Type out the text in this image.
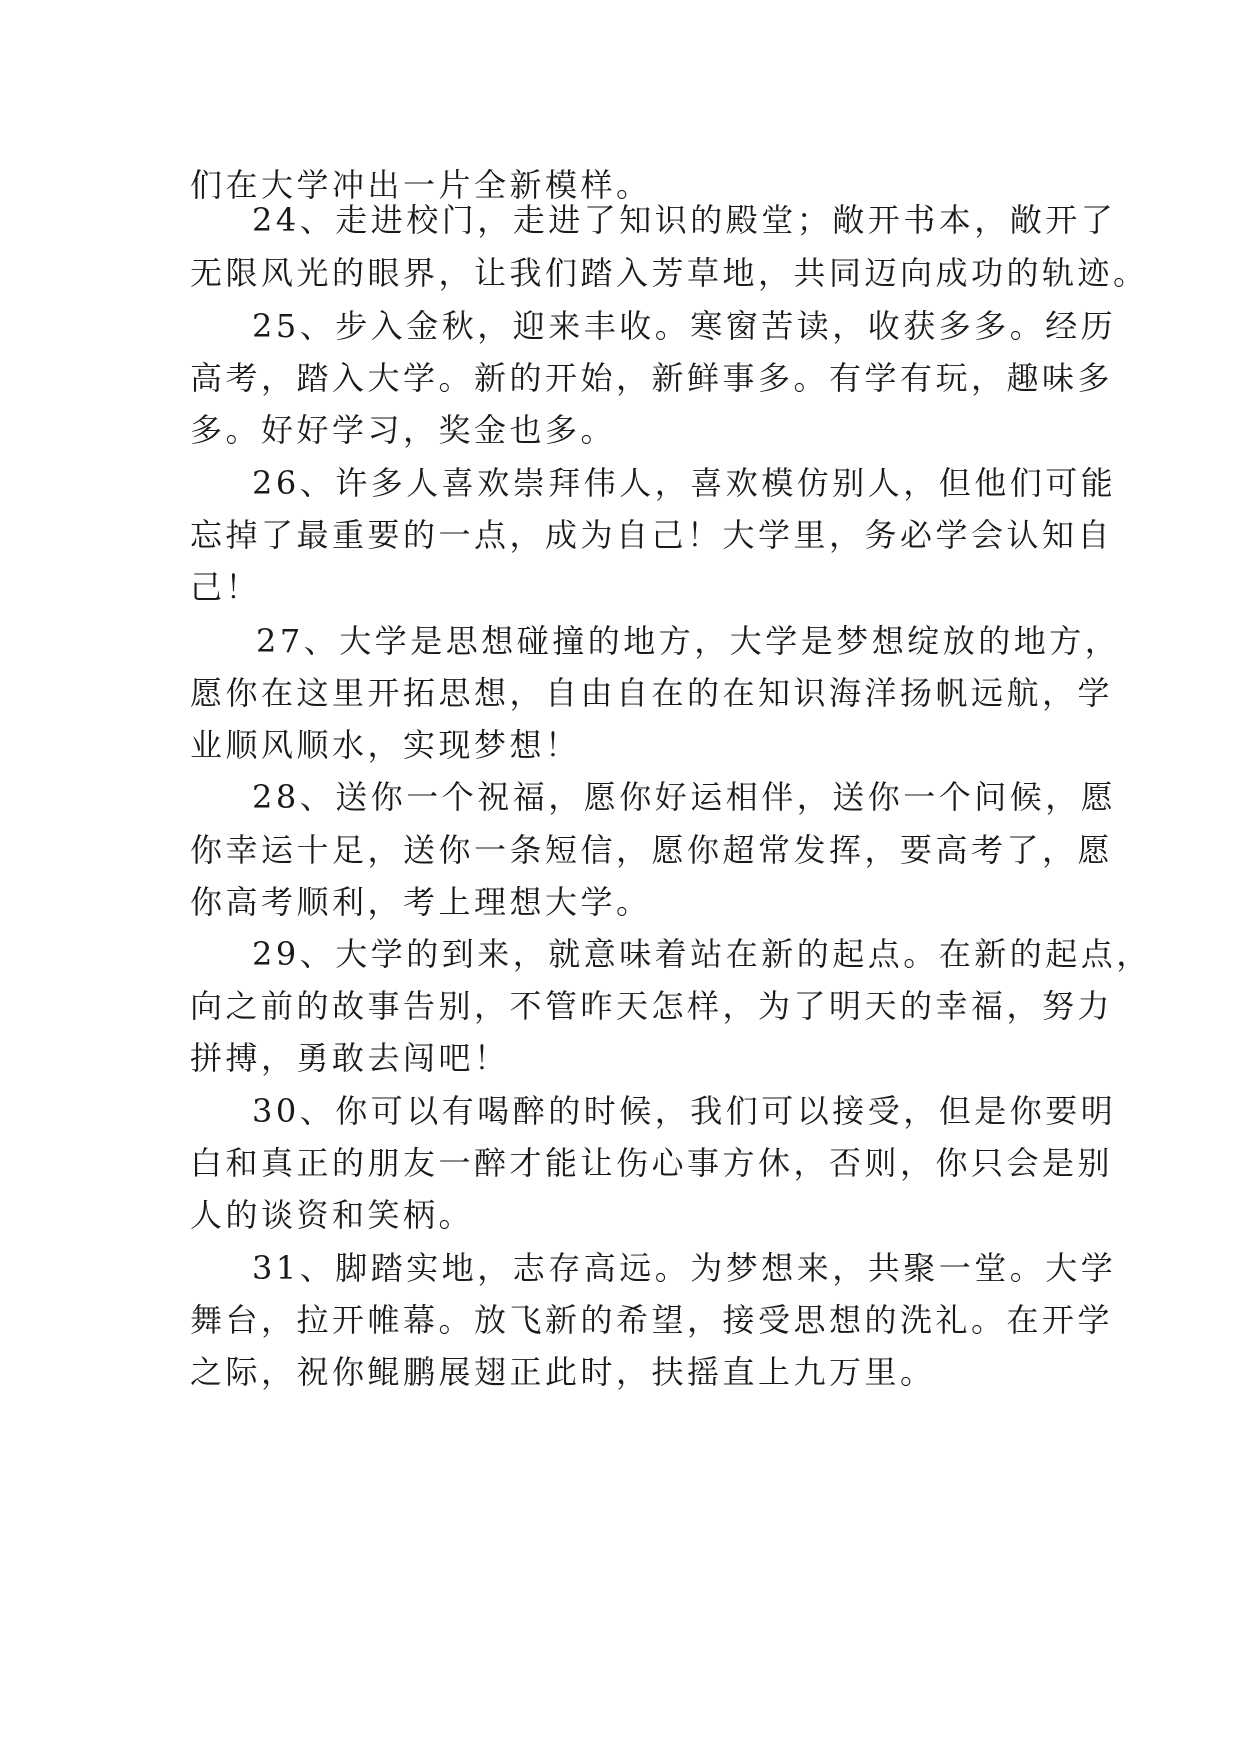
们在大学冲出一片全新模样。
24、走进校门，走进了知识的殿堂；敞开书本，敞开了
无限风光的眼界，让我们踏入芳草地，共同迈向成功的轨迹。
25、步入金秋，迎来丰收。寒窗苦读，收获多多。经历
高考，踏入大学。新的开始，新鲜事多。有学有玩，趣味多
多。好好学习，奖金也多。
26、许多人喜欢崇拜伟人，喜欢模仿别人，但他们可能
忘掉了最重要的一点，成为自己！大学里，务必学会认知自
己！
27、大学是思想碰撞的地方，大学是梦想绽放的地方，
愿你在这里开拓思想，自由自在的在知识海洋扬帆远航，学
业顺风顺水，实现梦想！
28、送你一个祝福，愿你好运相伴，送你一个问候，愿
你幸运十足，送你一条短信，愿你超常发挥，要高考了，愿
你高考顺利，考上理想大学。
29、大学的到来，就意味着站在新的起点。在新的起点，
向之前的故事告别，不管昨天怎样，为了明天的幸福，努力
拼搏，勇敢去闯吧！
30、你可以有喝醉的时候，我们可以接受，但是你要明
白和真正的朋友一醉才能让伤心事方休，否则，你只会是别
人的谈资和笑柄。
31、脚踏实地，志存高远。为梦想来，共聚一堂。大学
舞台，拉开帷幕。放飞新的希望，接受思想的洗礼。在开学
之际，祝你鲲鹏展翅正此时，扶摇直上九万里。
